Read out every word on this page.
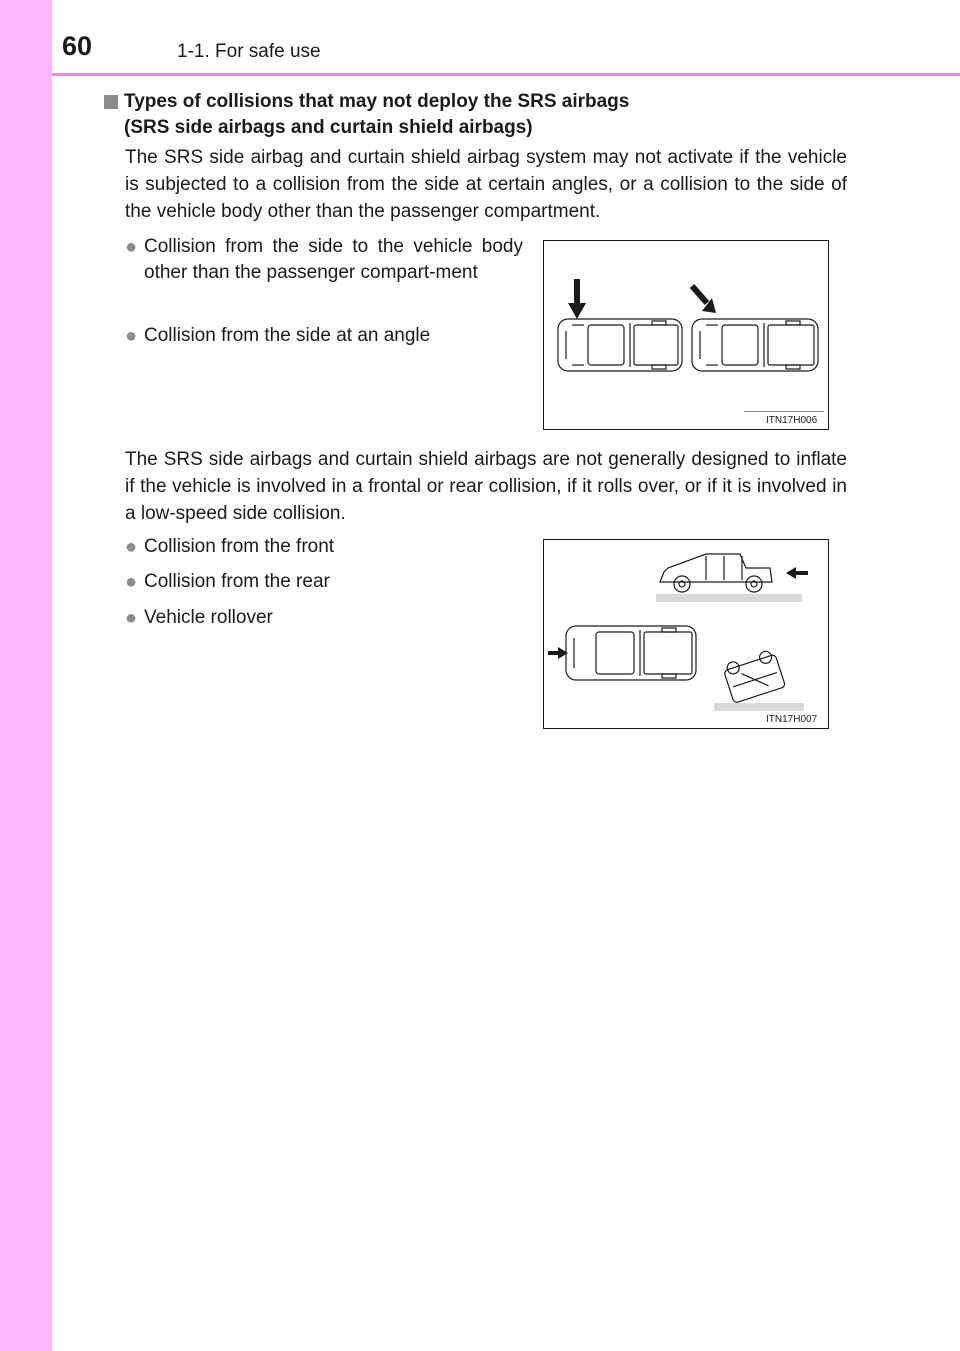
60	1-1. For safe use
Types of collisions that may not deploy the SRS airbags
(SRS side airbags and curtain shield airbags)
The SRS side airbag and curtain shield airbag system may not activate if the vehicle is subjected to a collision from the side at certain angles, or a collision to the side of the vehicle body other than the passenger compartment.
● Collision from the side to the vehicle body other than the passenger compart-ment
● Collision from the side at an angle
ITN17H006
The SRS side airbags and curtain shield airbags are not generally designed to inflate if the vehicle is involved in a frontal or rear collision, if it rolls over, or if it is involved in a low-speed side collision.
● Collision from the front
● Collision from the rear
● Vehicle rollover
ITN17H007
